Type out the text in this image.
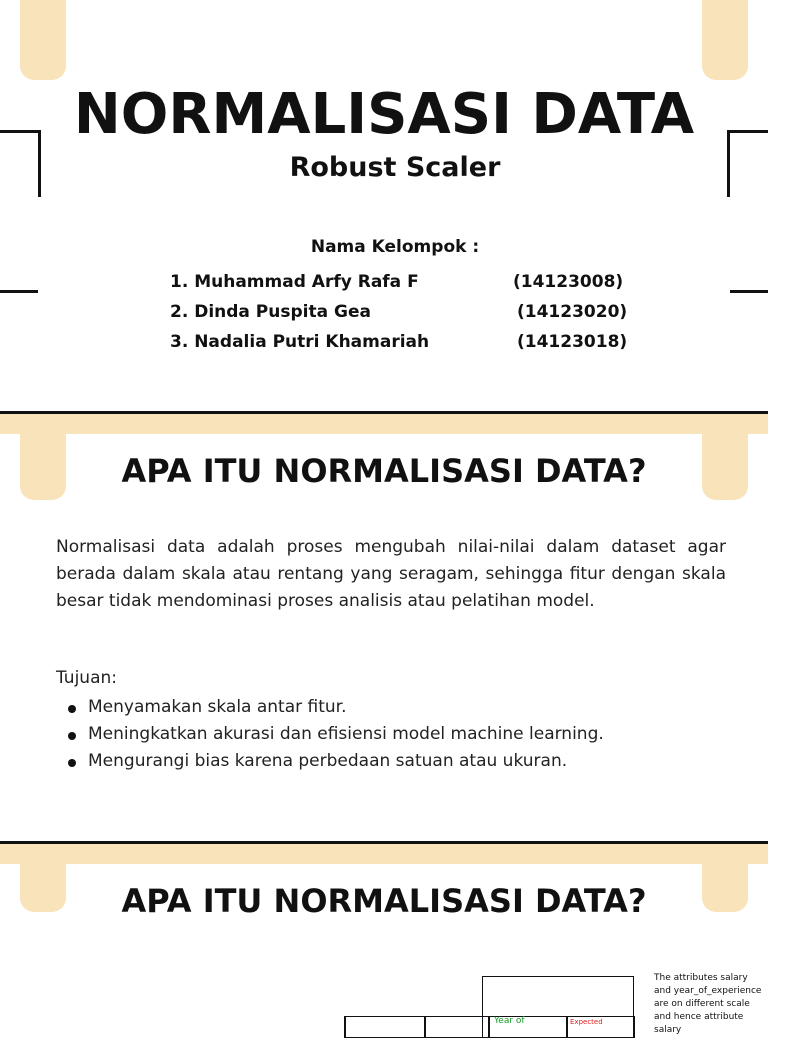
NORMALISASI DATA
Robust Scaler
Nama Kelompok :
1. Muhammad Arfy Rafa F	(14123008)
2. Dinda Puspita Gea	(14123020)
3. Nadalia Putri Khamariah	(14123018)
APA ITU NORMALISASI DATA?
Normalisasi data adalah proses mengubah nilai-nilai dalam dataset agar berada dalam skala atau rentang yang seragam, sehingga fitur dengan skala besar tidak mendominasi proses analisis atau pelatihan model.
Tujuan:
Menyamakan skala antar fitur.
Meningkatkan akurasi dan efisiensi model machine learning.
Mengurangi bias karena perbedaan satuan atau ukuran.
APA ITU NORMALISASI DATA?
Year of	Expected
The attributes salary and year_of_experience are on different scale and hence attribute salary
